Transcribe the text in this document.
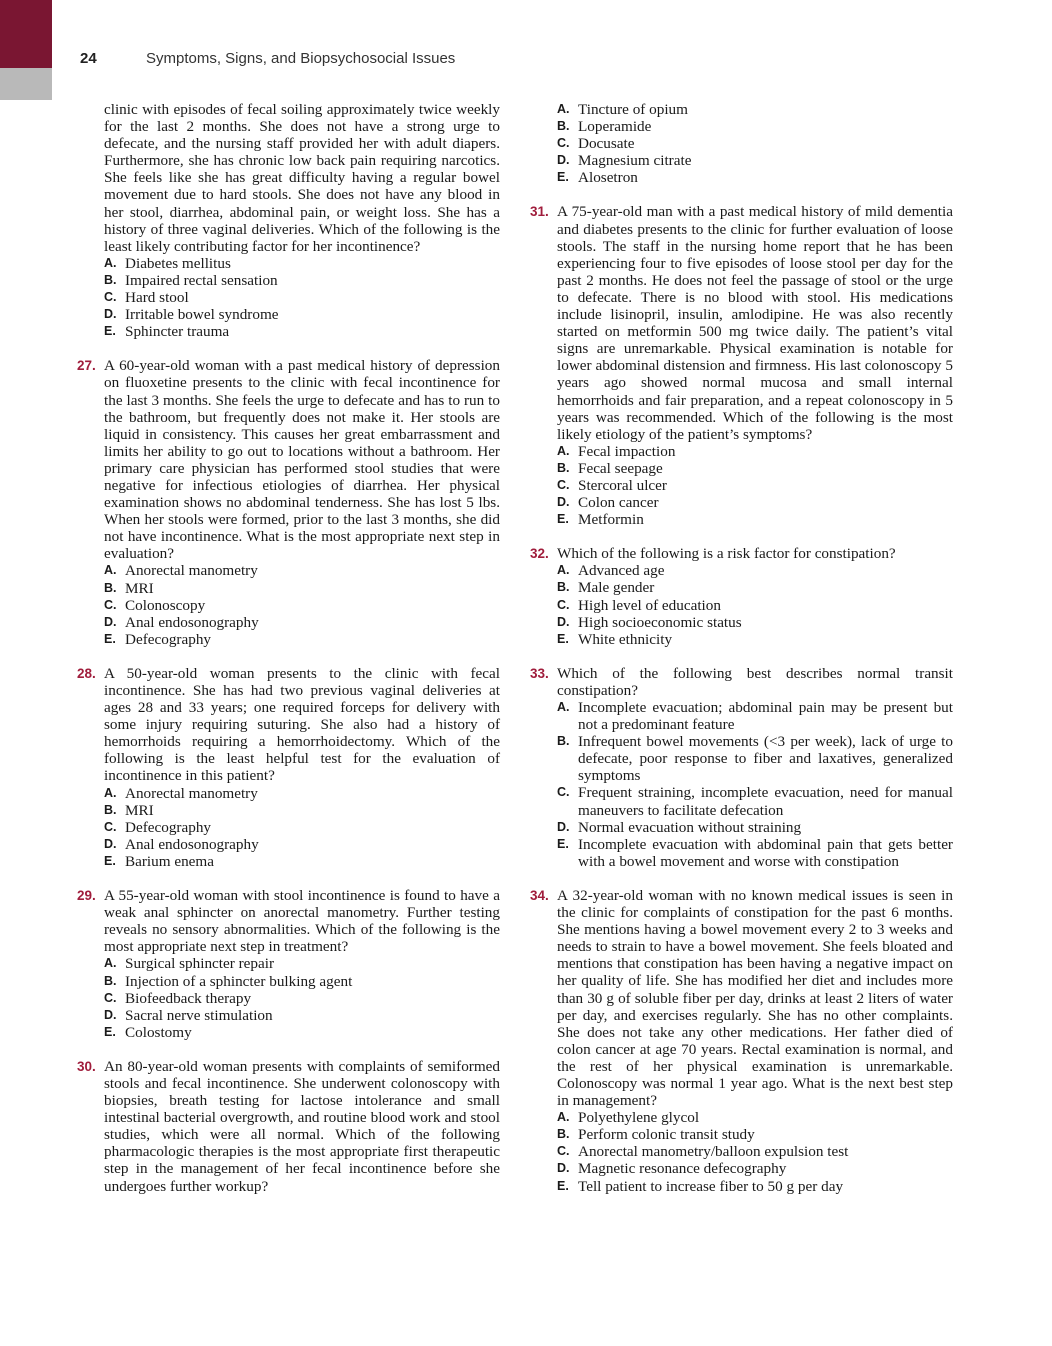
24	Symptoms, Signs, and Biopsychosocial Issues

clinic with episodes of fecal soiling approximately twice weekly for the last 2 months. She does not have a strong urge to defecate, and the nursing staff provided her with adult diapers. Furthermore, she has chronic low back pain requiring narcotics. She feels like she has great difficulty having a regular bowel movement due to hard stools. She does not have any blood in her stool, diarrhea, abdominal pain, or weight loss. She has a history of three vaginal deliveries. Which of the following is the least likely contributing factor for her incontinence?

A. Diabetes mellitus
B. Impaired rectal sensation
C. Hard stool
D. Irritable bowel syndrome
E. Sphincter trauma
27. A 60-year-old woman with a past medical history of depression on fluoxetine presents to the clinic with fecal incontinence for the last 3 months. She feels the urge to defecate and has to run to the bathroom, but frequently does not make it. Her stools are liquid in consistency. This causes her great embarrassment and limits her ability to go out to locations without a bathroom. Her primary care physician has performed stool studies that were negative for infectious etiologies of diarrhea. Her physical examination shows no abdominal tenderness. She has lost 5 lbs. When her stools were formed, prior to the last 3 months, she did not have incontinence. What is the most appropriate next step in evaluation?

A. Anorectal manometry
B. MRI
C. Colonoscopy
D. Anal endosonography
E. Defecography
28. A 50-year-old woman presents to the clinic with fecal incontinence. She has had two previous vaginal deliveries at ages 28 and 33 years; one required forceps for delivery with some injury requiring suturing. She also had a history of hemorrhoids requiring a hemorrhoidectomy. Which of the following is the least helpful test for the evaluation of incontinence in this patient?

A. Anorectal manometry
B. MRI
C. Defecography
D. Anal endosonography
E. Barium enema
29. A 55-year-old woman with stool incontinence is found to have a weak anal sphincter on anorectal manometry. Further testing reveals no sensory abnormalities. Which of the following is the most appropriate next step in treatment?

A. Surgical sphincter repair
B. Injection of a sphincter bulking agent
C. Biofeedback therapy
D. Sacral nerve stimulation
E. Colostomy
30. An 80-year-old woman presents with complaints of semiformed stools and fecal incontinence. She underwent colonoscopy with biopsies, breath testing for lactose intolerance and small intestinal bacterial overgrowth, and routine blood work and stool studies, which were all normal. Which of the following pharmacologic therapies is the most appropriate first therapeutic step in the management of her fecal incontinence before she undergoes further workup?

A. Tincture of opium
B. Loperamide
C. Docusate
D. Magnesium citrate
E. Alosetron
31. A 75-year-old man with a past medical history of mild dementia and diabetes presents to the clinic for further evaluation of loose stools. The staff in the nursing home report that he has been experiencing four to five episodes of loose stool per day for the past 2 months. He does not feel the passage of stool or the urge to defecate. There is no blood with stool. His medications include lisinopril, insulin, amlodipine. He was also recently started on metformin 500 mg twice daily. The patient’s vital signs are unremarkable. Physical examination is notable for lower abdominal distension and firmness. His last colonoscopy 5 years ago showed normal mucosa and small internal hemorrhoids and fair preparation, and a repeat colonoscopy in 5 years was recommended. Which of the following is the most likely etiology of the patient’s symptoms?

A. Fecal impaction
B. Fecal seepage
C. Stercoral ulcer
D. Colon cancer
E. Metformin
32. Which of the following is a risk factor for constipation?

A. Advanced age
B. Male gender
C. High level of education
D. High socioeconomic status
E. White ethnicity
33. Which of the following best describes normal transit constipation?

A. Incomplete evacuation; abdominal pain may be present but not a predominant feature
B. Infrequent bowel movements (<3 per week), lack of urge to defecate, poor response to fiber and laxatives, generalized symptoms
C. Frequent straining, incomplete evacuation, need for manual maneuvers to facilitate defecation
D. Normal evacuation without straining
E. Incomplete evacuation with abdominal pain that gets better with a bowel movement and worse with constipation
34. A 32-year-old woman with no known medical issues is seen in the clinic for complaints of constipation for the past 6 months. She mentions having a bowel movement every 2 to 3 weeks and needs to strain to have a bowel movement. She feels bloated and mentions that constipation has been having a negative impact on her quality of life. She has modified her diet and includes more than 30 g of soluble fiber per day, drinks at least 2 liters of water per day, and exercises regularly. She has no other complaints. She does not take any other medications. Her father died of colon cancer at age 70 years. Rectal examination is normal, and the rest of her physical examination is unremarkable. Colonoscopy was normal 1 year ago. What is the next best step in management?

A. Polyethylene glycol
B. Perform colonic transit study
C. Anorectal manometry/balloon expulsion test
D. Magnetic resonance defecography
E. Tell patient to increase fiber to 50 g per day
